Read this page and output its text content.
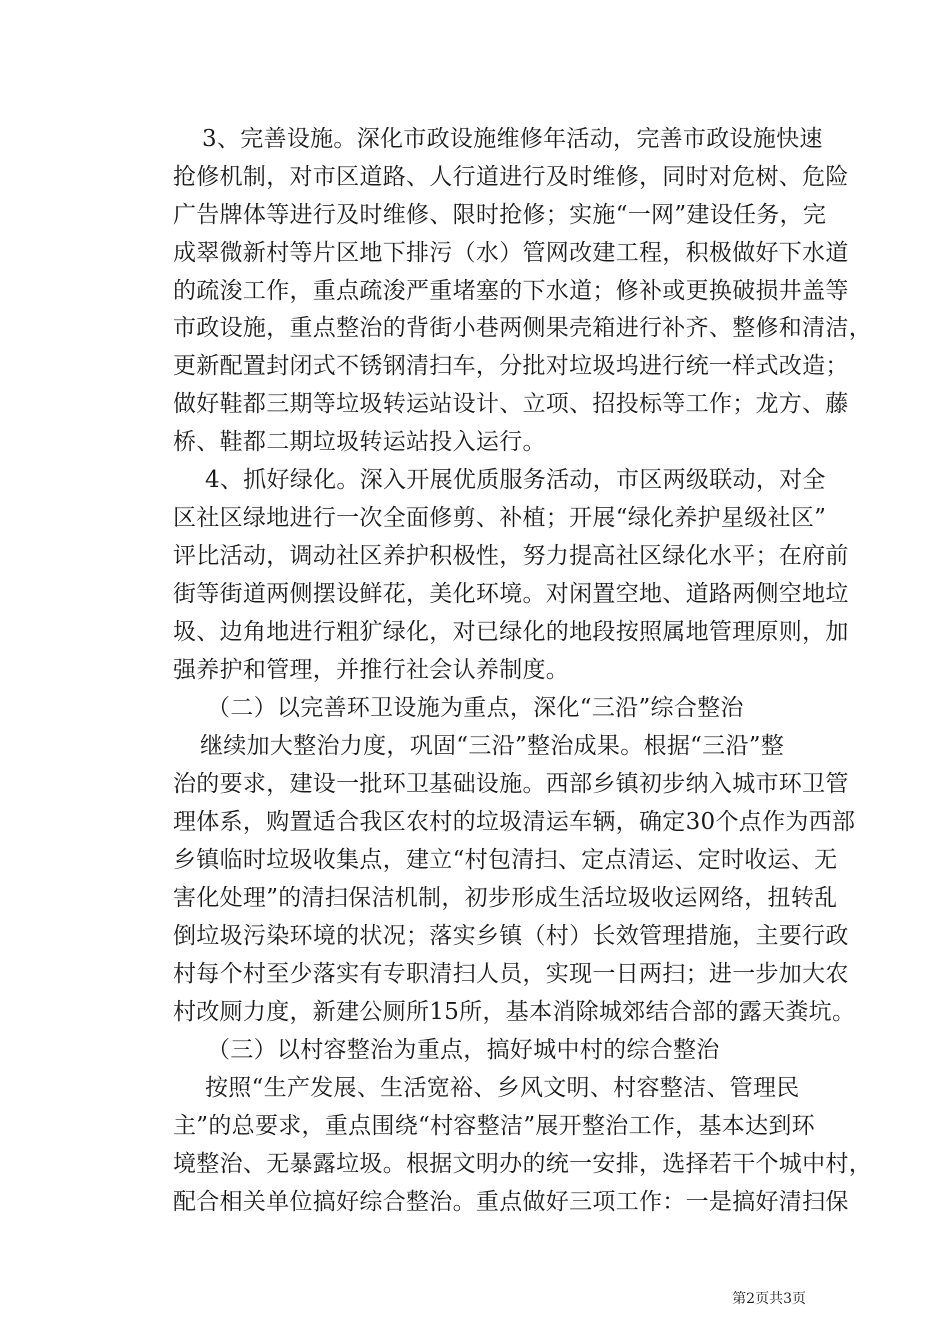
3、完善设施。深化市政设施维修年活动，完善市政设施快速
抢修机制，对市区道路、人行道进行及时维修，同时对危树、危险
广告牌体等进行及时维修、限时抢修；实施“一网”建设任务，完
成翠微新村等片区地下排污（水）管网改建工程，积极做好下水道
的疏浚工作，重点疏浚严重堵塞的下水道；修补或更换破损井盖等
市政设施，重点整治的背街小巷两侧果壳箱进行补齐、整修和清洁，
更新配置封闭式不锈钢清扫车，分批对垃圾坞进行统一样式改造；
做好鞋都三期等垃圾转运站设计、立项、招投标等工作；龙方、藤
桥、鞋都二期垃圾转运站投入运行。
4、抓好绿化。深入开展优质服务活动，市区两级联动，对全
区社区绿地进行一次全面修剪、补植；开展“绿化养护星级社区”
评比活动，调动社区养护积极性，努力提高社区绿化水平；在府前
街等街道两侧摆设鲜花，美化环境。对闲置空地、道路两侧空地垃
圾、边角地进行粗犷绿化，对已绿化的地段按照属地管理原则，加
强养护和管理，并推行社会认养制度。
（二）以完善环卫设施为重点，深化“三沿”综合整治
继续加大整治力度，巩固“三沿”整治成果。根据“三沿”整
治的要求，建设一批环卫基础设施。西部乡镇初步纳入城市环卫管
理体系，购置适合我区农村的垃圾清运车辆，确定30个点作为西部
乡镇临时垃圾收集点，建立“村包清扫、定点清运、定时收运、无
害化处理”的清扫保洁机制，初步形成生活垃圾收运网络，扭转乱
倒垃圾污染环境的状况；落实乡镇（村）长效管理措施，主要行政
村每个村至少落实有专职清扫人员，实现一日两扫；进一步加大农
村改厕力度，新建公厕所15所，基本消除城郊结合部的露天粪坑。
（三）以村容整治为重点，搞好城中村的综合整治
按照“生产发展、生活宽裕、乡风文明、村容整洁、管理民
主”的总要求，重点围绕“村容整洁”展开整治工作，基本达到环
境整治、无暴露垃圾。根据文明办的统一安排，选择若干个城中村，
配合相关单位搞好综合整治。重点做好三项工作：一是搞好清扫保
第2页共3页
